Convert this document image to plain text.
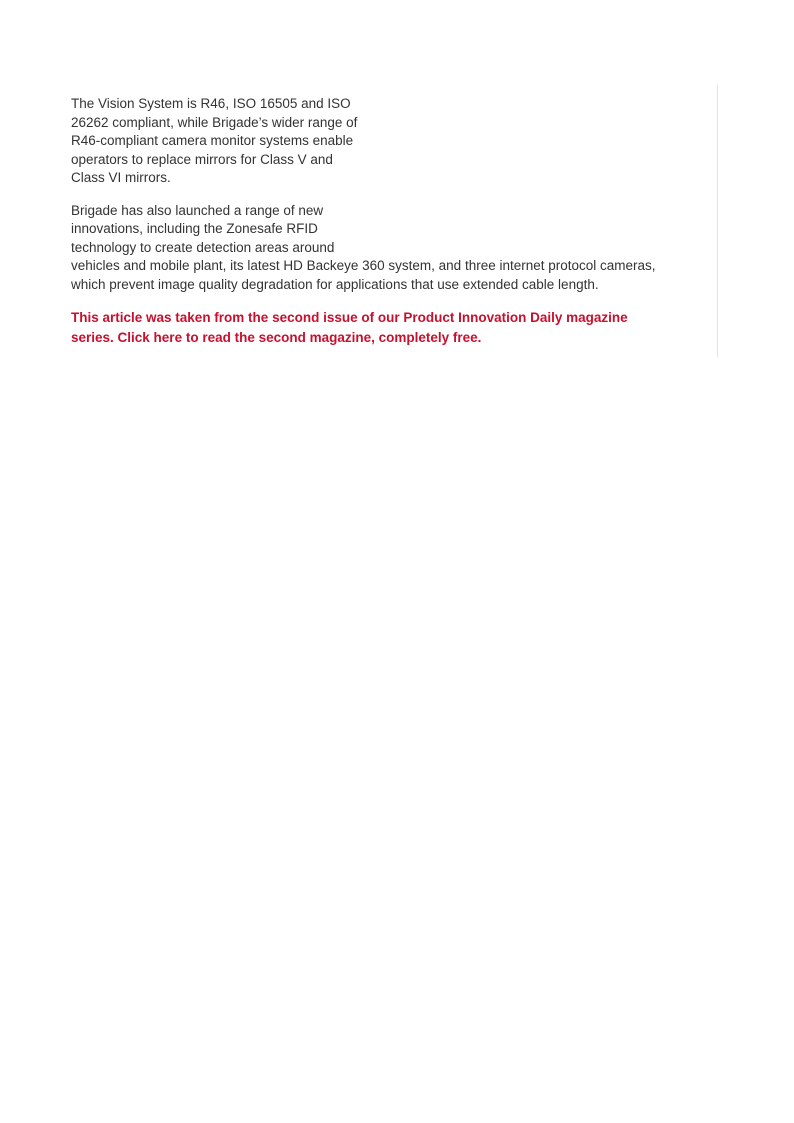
The Vision System is R46, ISO 16505 and ISO
26262 compliant, while Brigade’s wider range of
R46-compliant camera monitor systems enable
operators to replace mirrors for Class V and
Class VI mirrors.

Brigade has also launched a range of new
innovations, including the Zonesafe RFID
technology to create detection areas around
vehicles and mobile plant, its latest HD Backeye 360 system, and three internet protocol cameras,
which prevent image quality degradation for applications that use extended cable length.

This article was taken from the second issue of our Product Innovation Daily magazine
series. Click here to read the second magazine, completely free.
